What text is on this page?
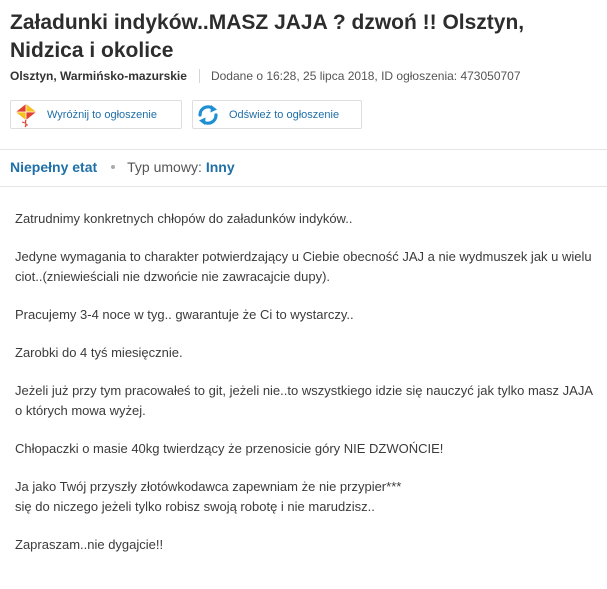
Załadunki indyków..MASZ JAJA ? dzwoń !! Olsztyn, Nidzica i okolice
Olsztyn, Warmińsko-mazurskie Dodane o 16:28, 25 lipca 2018, ID ogłoszenia: 473050707
Wyróżnij to ogłoszenie	Odśwież to ogłoszenie
Niepełny etat Typ umowy: Inny

Zatrudnimy konkretnych chłopów do załadunków indyków..

Jedyne wymagania to charakter potwierdzający u Ciebie obecność JAJ a nie wydmuszek jak u wielu ciot..(zniewieściali nie dzwońcie nie zawracajcie dupy).

Pracujemy 3-4 noce w tyg.. gwarantuje że Ci to wystarczy..

Zarobki do 4 tyś miesięcznie.

Jeżeli już przy tym pracowałeś to git, jeżeli nie..to wszystkiego idzie się nauczyć jak tylko masz JAJA o których mowa wyżej.

Chłopaczki o masie 40kg twierdzący że przenosicie góry NIE DZWOŃCIE!

Ja jako Twój przyszły złotówkodawca zapewniam że nie przypier***
się do niczego jeżeli tylko robisz swoją robotę i nie marudzisz..

Zapraszam..nie dygajcie!!
